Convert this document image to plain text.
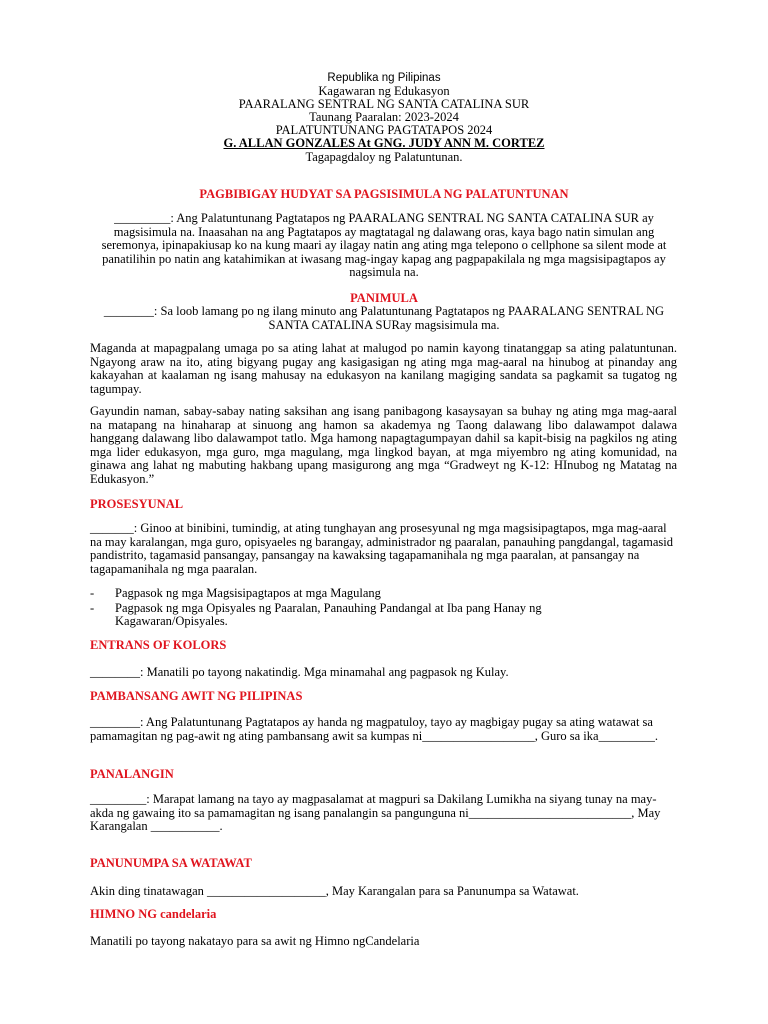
Republika ng Pilipinas
Kagawaran ng Edukasyon
PAARALANG SENTRAL NG SANTA CATALINA SUR
Taunang Paaralan: 2023-2024
PALATUNTUNANG PAGTATAPOS 2024
G. ALLAN GONZALES At GNG. JUDY ANN M. CORTEZ
Tagapagdaloy ng Palatuntunan.
PAGBIBIGAY HUDYAT SA PAGSISIMULA NG PALATUNTUNAN
_________: Ang Palatuntunang Pagtatapos ng PAARALANG SENTRAL NG SANTA CATALINA SUR ay magsisimula na. Inaasahan na ang Pagtatapos ay magtatagal ng dalawang oras, kaya bago natin simulan ang seremonya, ipinapakiusap ko na kung maari ay ilagay natin ang ating mga telepono o cellphone sa silent mode at panatilihin po natin ang katahimikan at iwasang mag-ingay kapag ang pagpapakilala ng mga magsisipagtapos ay nagsimula na.
PANIMULA
________: Sa loob lamang po ng ilang minuto ang Palatuntunang Pagtatapos ng PAARALANG SENTRAL NG SANTA CATALINA SURay magsisimula ma.
Maganda at mapagpalang umaga po sa ating lahat at malugod po namin kayong tinatanggap sa ating palatuntunan. Ngayong araw na ito, ating bigyang pugay ang kasigasigan ng ating mga mag-aaral na hinubog at pinanday ang kakayahan at kaalaman ng isang mahusay na edukasyon na kanilang magiging sandata sa pagkamit sa tugatog ng tagumpay.
Gayundin naman, sabay-sabay nating saksihan ang isang panibagong kasaysayan sa buhay ng ating mga mag-aaral na matapang na hinaharap at sinuong ang hamon sa akademya ng Taong dalawang libo dalawampot dalawa hanggang dalawang libo dalawampot tatlo. Mga hamong napagtagumpayan dahil sa kapit-bisig na pagkilos ng ating mga lider edukasyon, mga guro, mga magulang, mga lingkod bayan, at mga miyembro ng ating komunidad, na ginawa ang lahat ng mabuting hakbang upang masigurong ang mga “Gradweyt ng K-12: HInubog ng Matatag na Edukasyon.”
PROSESYUNAL
_______: Ginoo at binibini, tumindig, at ating tunghayan ang prosesyunal ng mga magsisipagtapos, mga mag-aaral na may karalangan, mga guro, opisyaeles ng barangay, administrador ng paaralan, panauhing pangdangal, tagamasid pandistrito, tagamasid pansangay, pansangay na kawaksing tagapamanihala ng mga paaralan, at pansangay na tagapamanihala ng mga paaralan.
- Pagpasok ng mga Magsisipagtapos at mga Magulang
- Pagpasok ng mga Opisyales ng Paaralan, Panauhing Pandangal at Iba pang Hanay ng Kagawaran/Opisyales.
ENTRANS OF KOLORS
________: Manatili po tayong nakatindig. Mga minamahal ang pagpasok ng Kulay.
PAMBANSANG AWIT NG PILIPINAS
________: Ang Palatuntunang Pagtatapos ay handa ng magpatuloy, tayo ay magbigay pugay sa ating watawat sa pamamagitan ng pag-awit ng ating pambansang awit sa kumpas ni__________________, Guro sa ika_________.
PANALANGIN
_________: Marapat lamang na tayo ay magpasalamat at magpuri sa Dakilang Lumikha na siyang tunay na may-akda ng gawaing ito sa pamamagitan ng isang panalangin sa pangunguna ni__________________________, May Karangalan ___________.
PANUNUMPA SA WATAWAT
Akin ding tinatawagan ___________________, May Karangalan para sa Panunumpa sa Watawat.
HIMNO NG candelaria
Manatili po tayong nakatayo para sa awit ng Himno ngCandelaria
